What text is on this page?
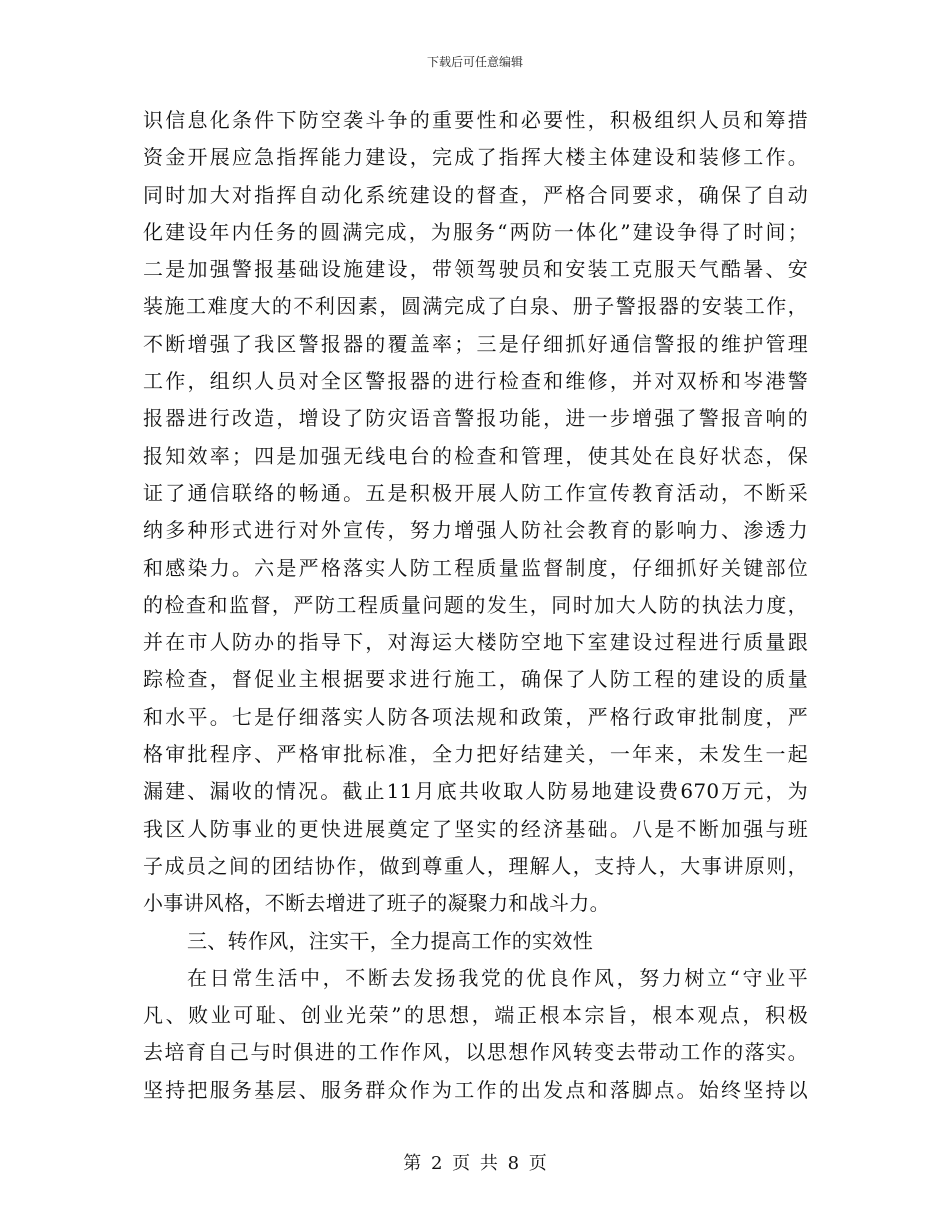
下载后可任意编辑
识信息化条件下防空袭斗争的重要性和必要性，积极组织人员和筹措
资金开展应急指挥能力建设，完成了指挥大楼主体建设和装修工作。
同时加大对指挥自动化系统建设的督查，严格合同要求，确保了自动
化建设年内任务的圆满完成，为服务“两防一体化”建设争得了时间；
二是加强警报基础设施建设，带领驾驶员和安装工克服天气酷暑、安
装施工难度大的不利因素，圆满完成了白泉、册子警报器的安装工作，
不断增强了我区警报器的覆盖率；三是仔细抓好通信警报的维护管理
工作，组织人员对全区警报器的进行检查和维修，并对双桥和岑港警
报器进行改造，增设了防灾语音警报功能，进一步增强了警报音响的
报知效率；四是加强无线电台的检查和管理，使其处在良好状态，保
证了通信联络的畅通。五是积极开展人防工作宣传教育活动，不断采
纳多种形式进行对外宣传，努力增强人防社会教育的影响力、渗透力
和感染力。六是严格落实人防工程质量监督制度，仔细抓好关键部位
的检查和监督，严防工程质量问题的发生，同时加大人防的执法力度，
并在市人防办的指导下，对海运大楼防空地下室建设过程进行质量跟
踪检查，督促业主根据要求进行施工，确保了人防工程的建设的质量
和水平。七是仔细落实人防各项法规和政策，严格行政审批制度，严
格审批程序、严格审批标准，全力把好结建关，一年来，未发生一起
漏建、漏收的情况。截止11月底共收取人防易地建设费670万元，为
我区人防事业的更快进展奠定了坚实的经济基础。八是不断加强与班
子成员之间的团结协作，做到尊重人，理解人，支持人，大事讲原则，
小事讲风格，不断去增进了班子的凝聚力和战斗力。
三、转作风，注实干，全力提高工作的实效性
在日常生活中，不断去发扬我党的优良作风，努力树立“守业平
凡、败业可耻、创业光荣”的思想，端正根本宗旨，根本观点，积极
去培育自己与时俱进的工作作风，以思想作风转变去带动工作的落实。
坚持把服务基层、服务群众作为工作的出发点和落脚点。始终坚持以
第 2 页 共 8 页
